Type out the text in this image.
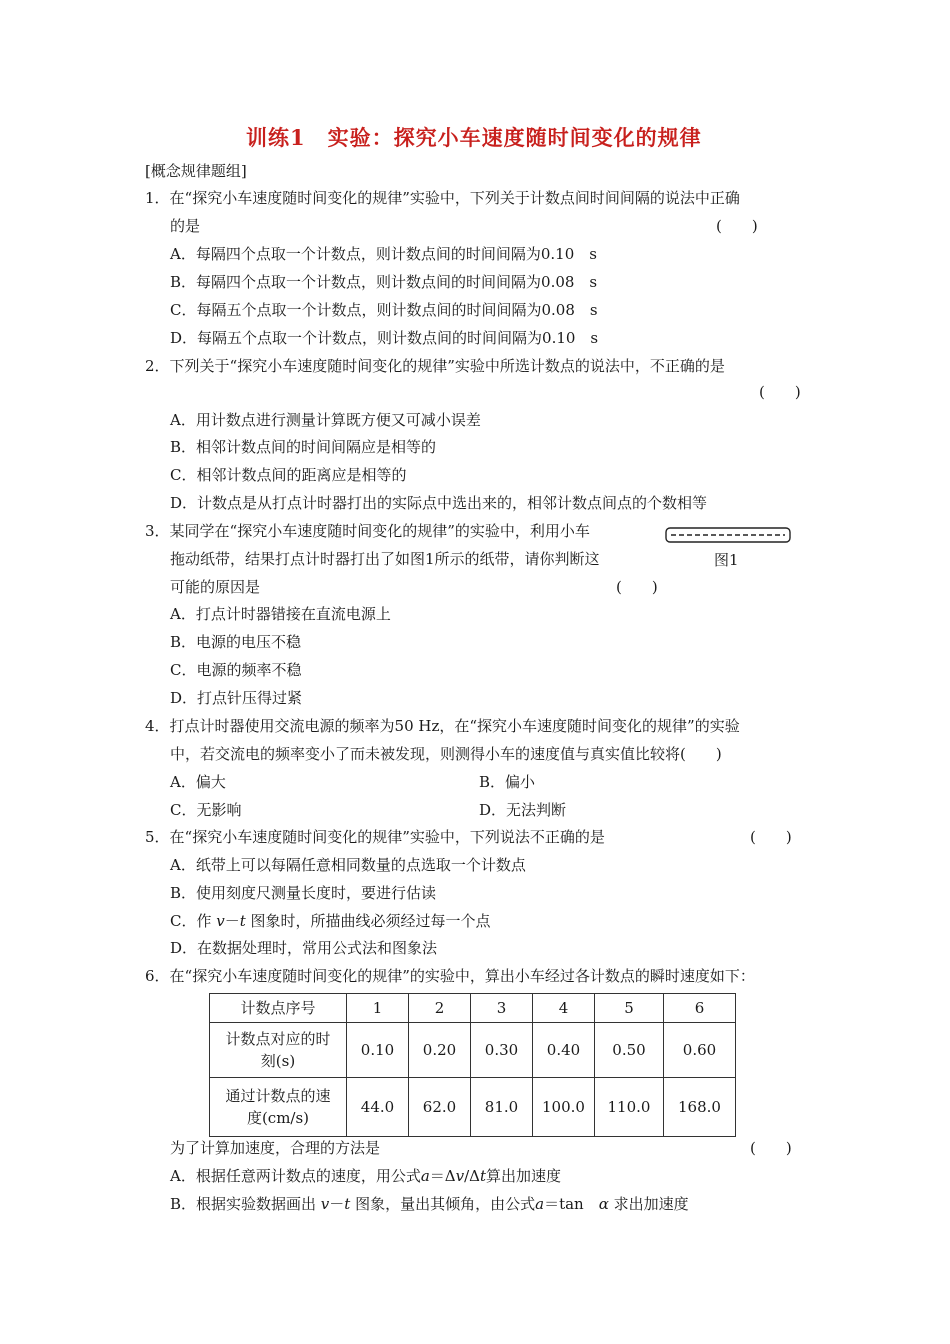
训练1　实验：探究小车速度随时间变化的规律
[概念规律题组]
1．在“探究小车速度随时间变化的规律”实验中，下列关于计数点间时间间隔的说法中正确
的是	(　　)
A．每隔四个点取一个计数点，则计数点间的时间间隔为0.10　s
B．每隔四个点取一个计数点，则计数点间的时间间隔为0.08　s
C．每隔五个点取一个计数点，则计数点间的时间间隔为0.08　s
D．每隔五个点取一个计数点，则计数点间的时间间隔为0.10　s
2．下列关于“探究小车速度随时间变化的规律”实验中所选计数点的说法中，不正确的是
(　　)
A．用计数点进行测量计算既方便又可减小误差
B．相邻计数点间的时间间隔应是相等的
C．相邻计数点间的距离应是相等的
D．计数点是从打点计时器打出的实际点中选出来的，相邻计数点间点的个数相等
3．某同学在“探究小车速度随时间变化的规律”的实验中，利用小车
拖动纸带，结果打点计时器打出了如图1所示的纸带，请你判断这
可能的原因是	(　　)
图1
A．打点计时器错接在直流电源上
B．电源的电压不稳
C．电源的频率不稳
D．打点针压得过紧
4．打点计时器使用交流电源的频率为50 Hz，在“探究小车速度随时间变化的规律”的实验
中，若交流电的频率变小了而未被发现，则测得小车的速度值与真实值比较将(　　)
A．偏大	B．偏小
C．无影响	D．无法判断
5．在“探究小车速度随时间变化的规律”实验中，下列说法不正确的是	(　　)
A．纸带上可以每隔任意相同数量的点选取一个计数点
B．使用刻度尺测量长度时，要进行估读
C．作 v－t 图象时，所描曲线必须经过每一个点
D．在数据处理时，常用公式法和图象法
6．在“探究小车速度随时间变化的规律”的实验中，算出小车经过各计数点的瞬时速度如下：
计数点序号	1	2	3	4	5	6

计数点对应的时
刻(s)	0.10	0.20	0.30	0.40	0.50	0.60

通过计数点的速
度(cm/s)	44.0	62.0	81.0	100.0	110.0	168.0
为了计算加速度，合理的方法是	(　　)
A．根据任意两计数点的速度，用公式a＝Δv/Δt算出加速度
B．根据实验数据画出 v－t 图象，量出其倾角，由公式a＝tan　α 求出加速度
